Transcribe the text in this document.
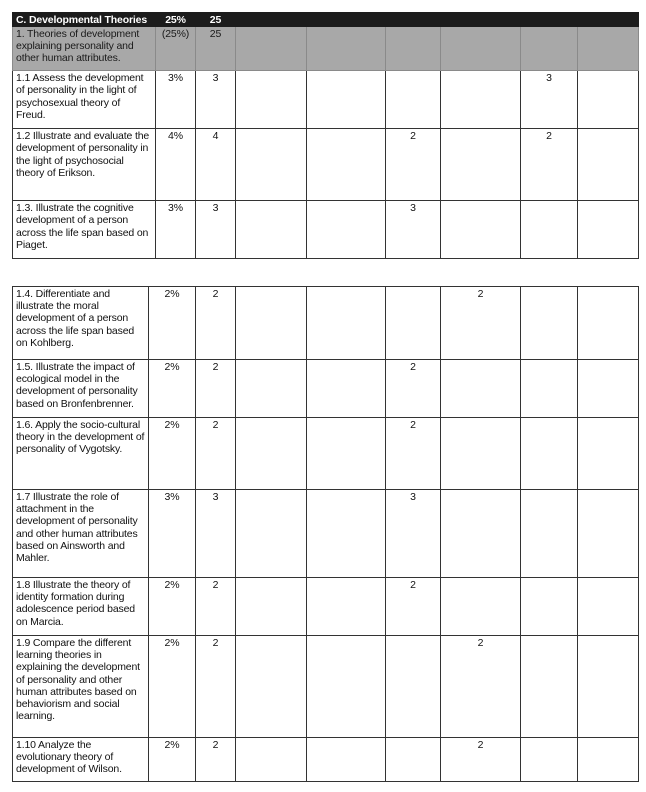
C. Developmental Theories	25%	25						
1. Theories of development explaining personality and other human attributes.	(25%)	25						
1.1 Assess the development of personality in the light of psychosexual theory of Freud.	3%	3					3	
1.2 Illustrate and evaluate the development of personality in the light of psychosocial theory of Erikson.	4%	4			2		2	
1.3. Illustrate the cognitive development of a person across the life span based on Piaget.	3%	3			3			
1.4. Differentiate and illustrate the moral development of a person across the life span based on Kohlberg.	2%	2				2		
1.5. Illustrate the impact of ecological model in the development of personality based on Bronfenbrenner.	2%	2			2			
1.6. Apply the socio-cultural theory in the development of personality of Vygotsky.	2%	2			2			
1.7 Illustrate the role of attachment in the development of personality and other human attributes based on Ainsworth and Mahler.	3%	3			3			
1.8 Illustrate the theory of identity formation during adolescence period based on Marcia.	2%	2			2			
1.9 Compare the different learning theories in explaining the development of personality and other human attributes based on behaviorism and social learning.	2%	2				2		
1.10 Analyze the evolutionary theory of development of Wilson.	2%	2				2		
